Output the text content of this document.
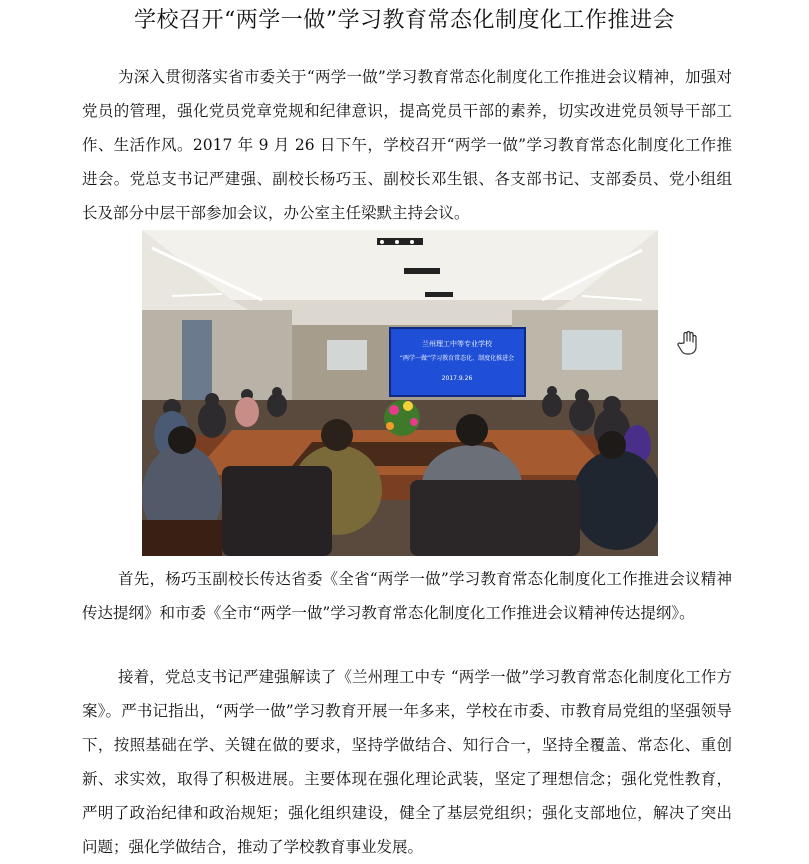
学校召开“两学一做”学习教育常态化制度化工作推进会

为深入贯彻落实省市委关于“两学一做”学习教育常态化制度化工作推进会议精神，加强对党员的管理，强化党员党章党规和纪律意识，提高党员干部的素养，切实改进党员领导干部工作、生活作风。2017 年 9 月 26 日下午，学校召开“两学一做”学习教育常态化制度化工作推进会。党总支书记严建强、副校长杨巧玉、副校长邓生银、各支部书记、支部委员、党小组组长及部分中层干部参加会议，办公室主任梁默主持会议。

兰州理工中等专业学校
“两学一做”学习教育常态化、制度化推进会
2017.9.26

首先，杨巧玉副校长传达省委《全省“两学一做”学习教育常态化制度化工作推进会议精神传达提纲》和市委《全市“两学一做”学习教育常态化制度化工作推进会议精神传达提纲》。

接着，党总支书记严建强解读了《兰州理工中专 “两学一做”学习教育常态化制度化工作方案》。严书记指出，“两学一做”学习教育开展一年多来，学校在市委、市教育局党组的坚强领导下，按照基础在学、关键在做的要求，坚持学做结合、知行合一，坚持全覆盖、常态化、重创新、求实效，取得了积极进展。主要体现在强化理论武装，坚定了理想信念；强化党性教育，严明了政治纪律和政治规矩；强化组织建设，健全了基层党组织；强化支部地位，解决了突出问题；强化学做结合，推动了学校教育事业发展。
